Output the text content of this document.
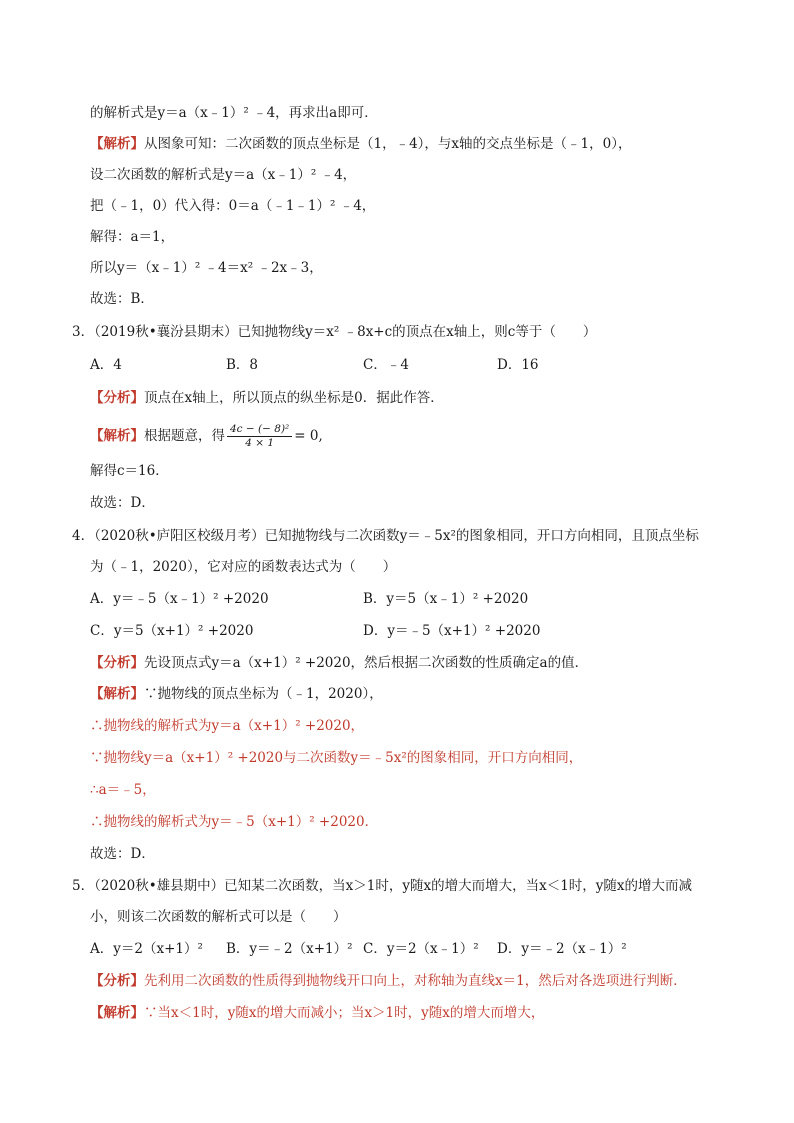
的解析式是y＝a（x﹣1）² ﹣4，再求出a即可．
【解析】从图象可知：二次函数的顶点坐标是（1，﹣4），与x轴的交点坐标是（﹣1，0），
设二次函数的解析式是y＝a（x﹣1）² ﹣4，
把（﹣1，0）代入得：0＝a（﹣1﹣1）² ﹣4，
解得：a＝1，
所以y＝（x﹣1）² ﹣4＝x² ﹣2x﹣3，
故选：B．
3．（2019秋•襄汾县期末）已知抛物线y＝x² ﹣8x+c的顶点在x轴上，则c等于（　　）
A．4	B．8	C．﹣4	D．16
【分析】顶点在x轴上，所以顶点的纵坐标是0．据此作答．
【解析】根据题意，得 $\frac{\text{4c − (− 8)²}}{4 \times 1} = 0$,
解得c＝16．
故选：D．
4．（2020秋•庐阳区校级月考）已知抛物线与二次函数y＝﹣5x²的图象相同，开口方向相同，且顶点坐标
为（﹣1，2020），它对应的函数表达式为（　　）
A．y＝﹣5（x﹣1）² +2020	B．y＝5（x﹣1）² +2020
C．y＝5（x+1）² +2020	D．y＝﹣5（x+1）² +2020
【分析】先设顶点式y＝a（x+1）² +2020，然后根据二次函数的性质确定a的值．
【解析】∵抛物线的顶点坐标为（﹣1，2020），
∴抛物线的解析式为y＝a（x+1）² +2020，
∵抛物线y＝a（x+1）² +2020与二次函数y＝﹣5x²的图象相同，开口方向相同，
∴a＝﹣5，
∴抛物线的解析式为y＝﹣5（x+1）² +2020．
故选：D．
5．（2020秋•雄县期中）已知某二次函数，当x＞1时，y随x的增大而增大，当x＜1时，y随x的增大而减
小，则该二次函数的解析式可以是（　　）
A．y＝2（x+1）² B．y＝﹣2（x+1）² C．y＝2（x﹣1）² D．y＝﹣2（x﹣1）²
【分析】先利用二次函数的性质得到抛物线开口向上，对称轴为直线x＝1，然后对各选项进行判断．
【解析】∵当x＜1时，y随x的增大而减小；当x＞1时，y随x的增大而增大，
